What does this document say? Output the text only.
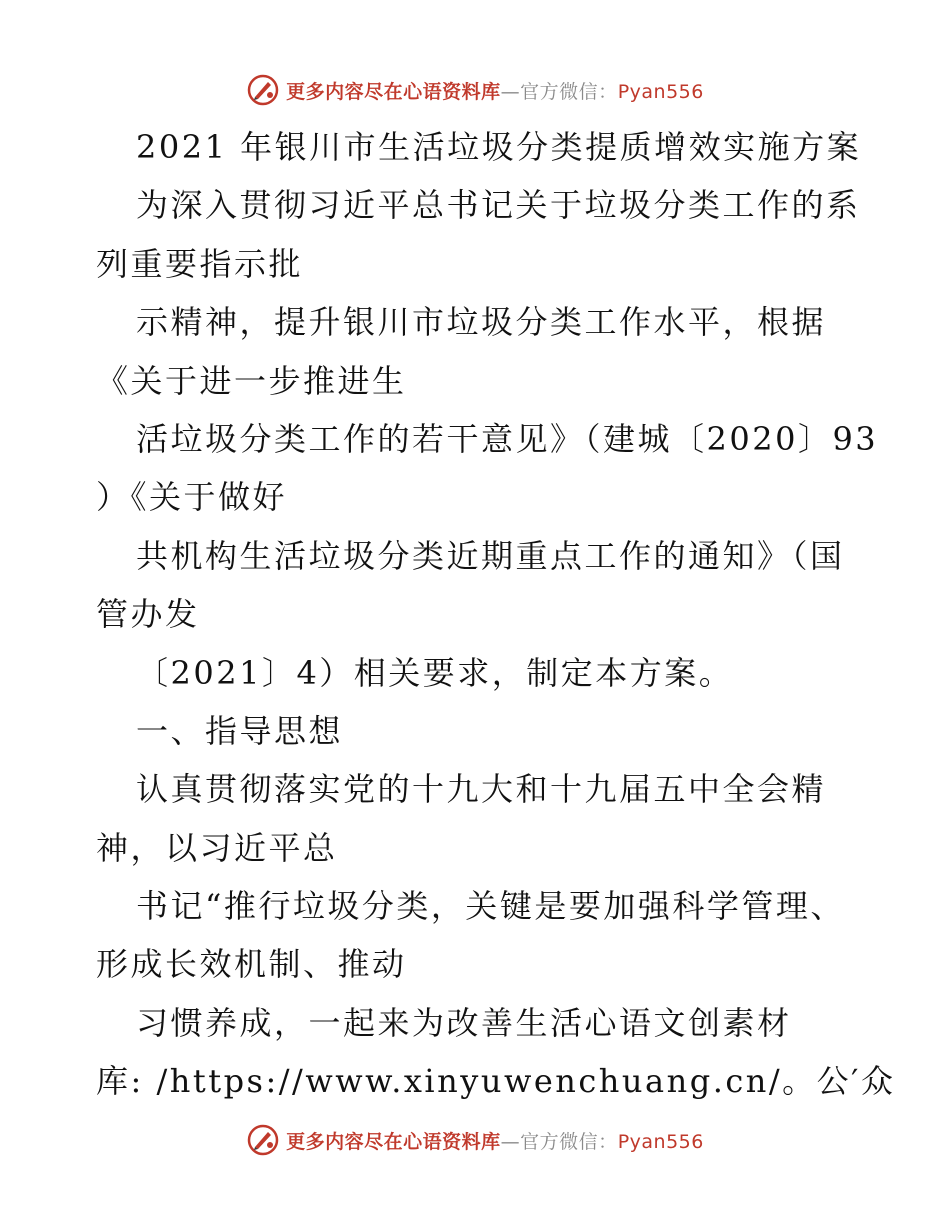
更多内容尽在心语资料库—官方微信：Pyan556
2021 年银川市生活垃圾分类提质增效实施方案
为深入贯彻习近平总书记关于垃圾分类工作的系
列重要指示批
示精神，提升银川市垃圾分类工作水平，根据
《关于进一步推进生
活垃圾分类工作的若干意见》（建城〔2020〕93
）《关于做好
共机构生活垃圾分类近期重点工作的通知》（国
管办发
〔2021〕4）相关要求，制定本方案。
一、指导思想
认真贯彻落实党的十九大和十九届五中全会精
神，以习近平总
书记“推行垃圾分类，关键是要加强科学管理、
形成长效机制、推动
习惯养成，一起来为改善生活心语文创素材
库: /https://www.xinyuwenchuang.cn/。公′众
更多内容尽在心语资料库—官方微信：Pyan556
